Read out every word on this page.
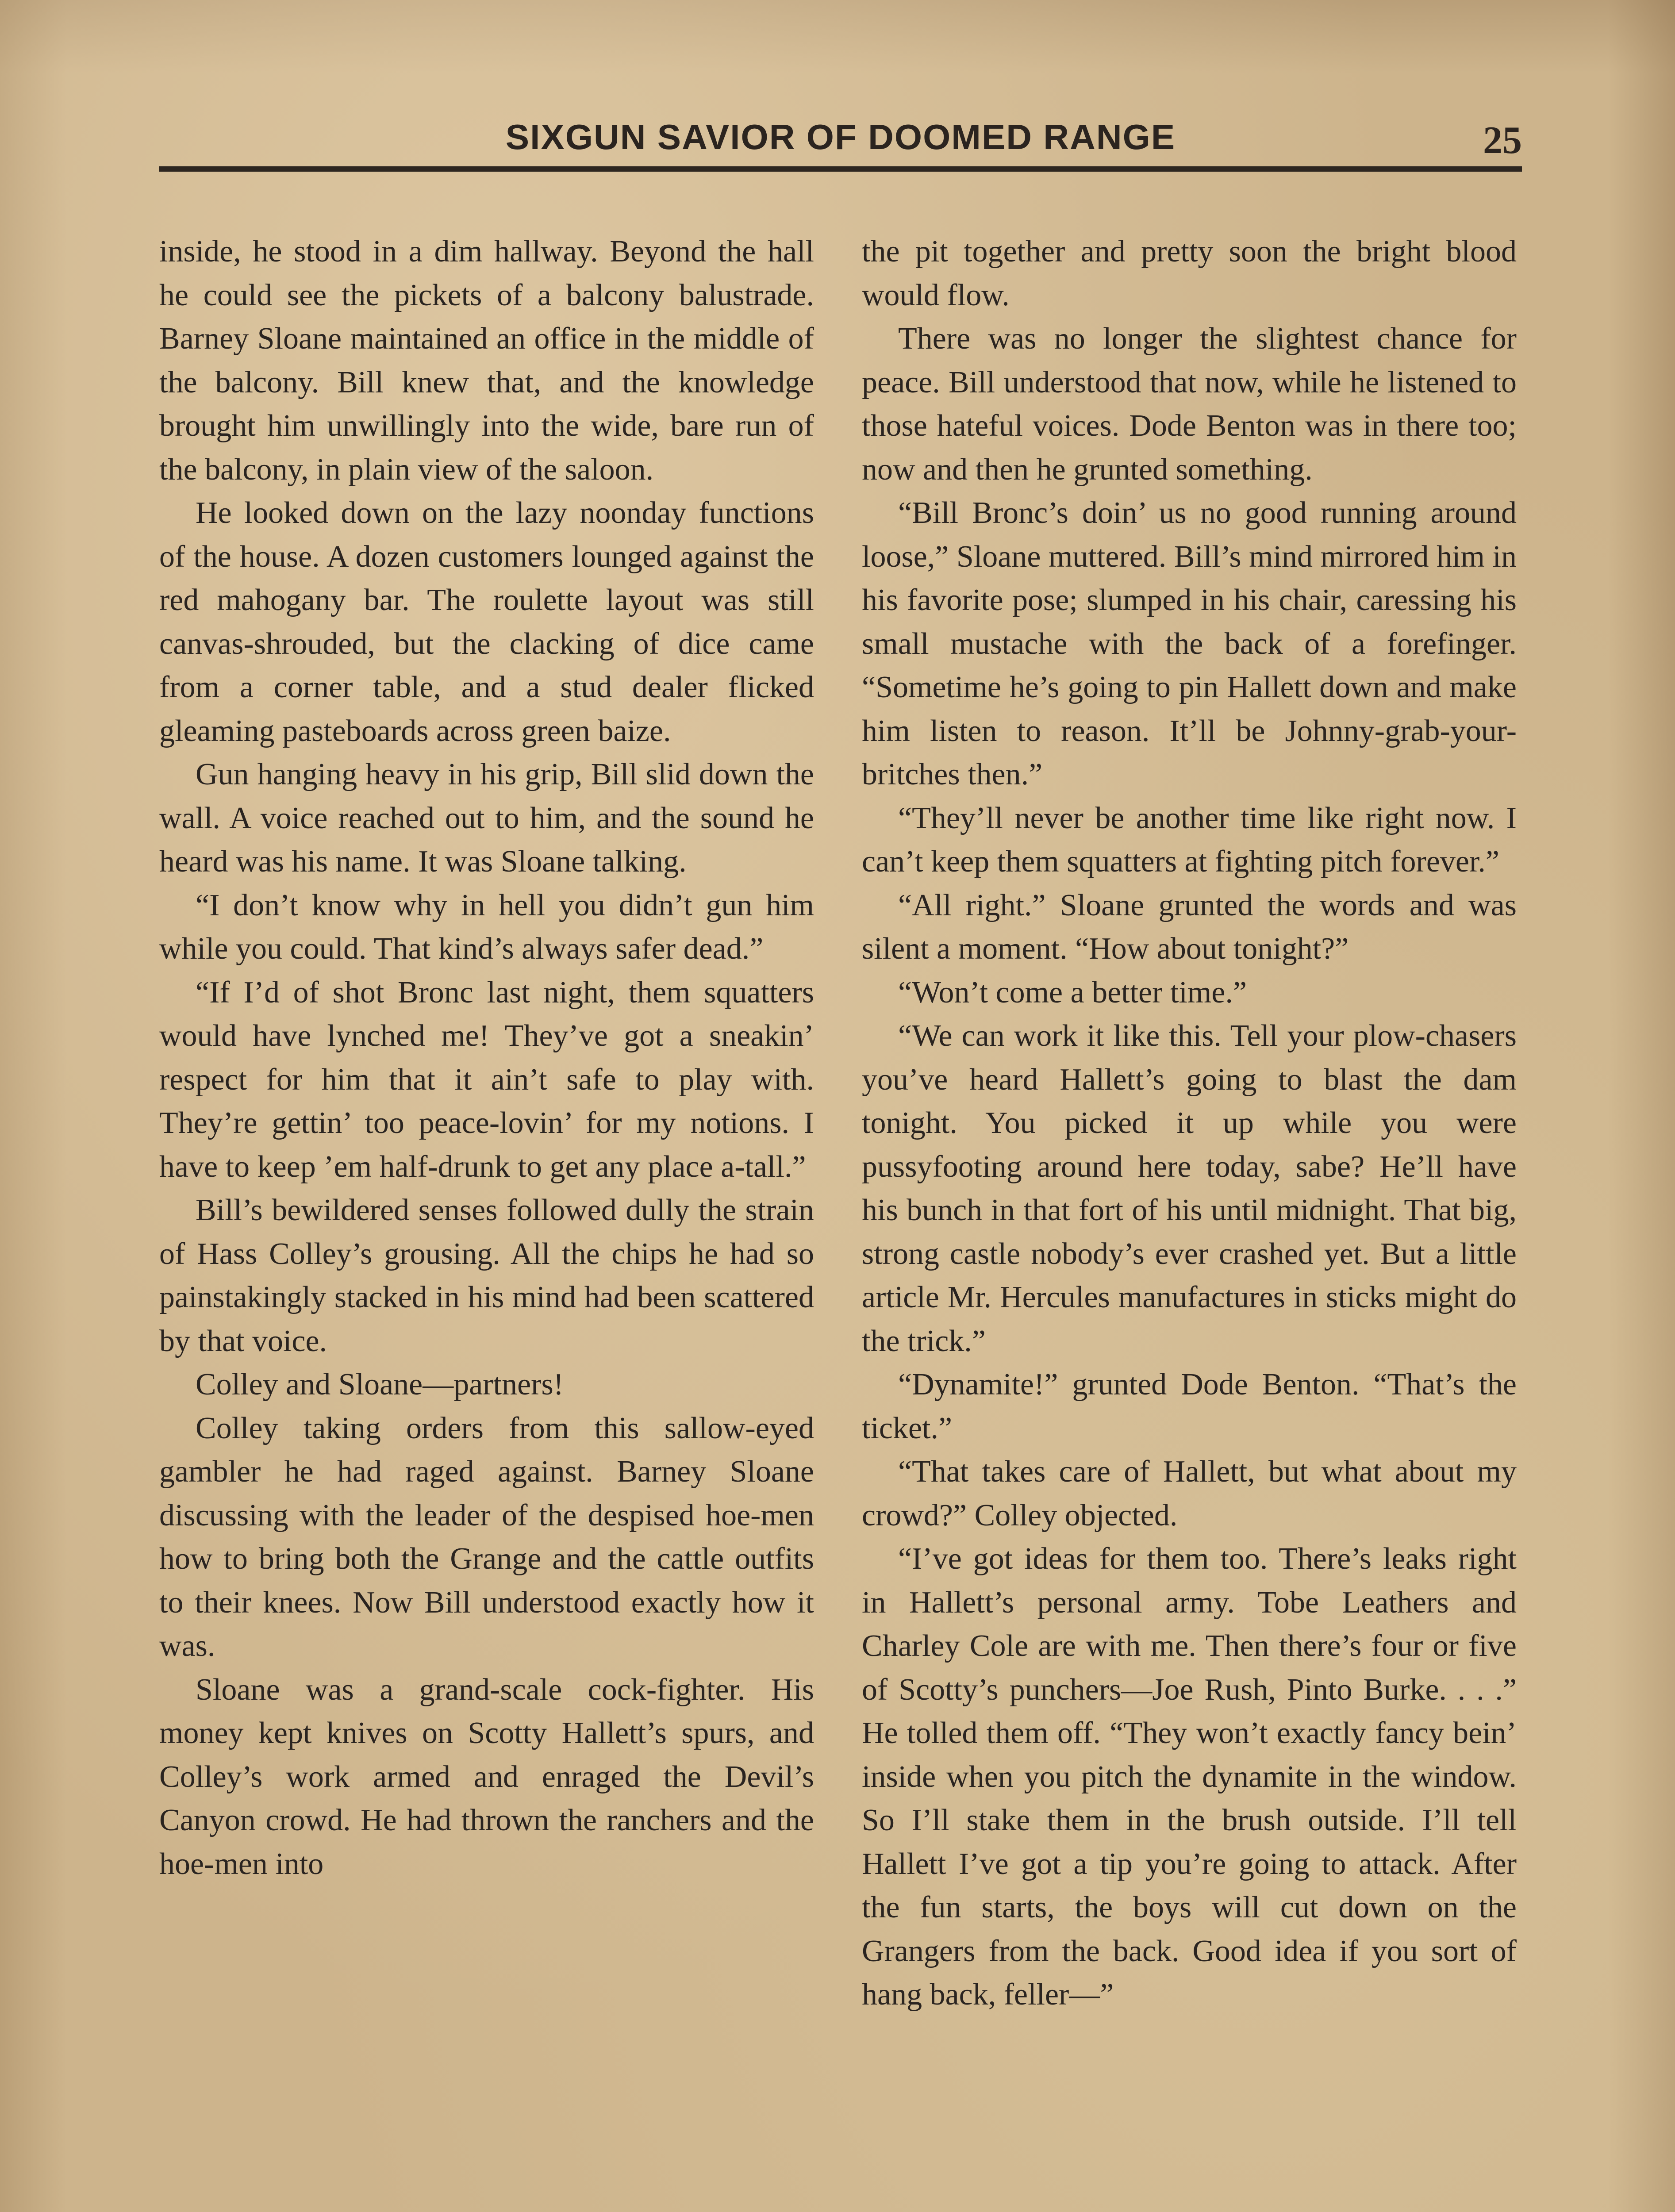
SIXGUN SAVIOR OF DOOMED RANGE	25

inside, he stood in a dim hallway. Beyond the hall he could see the pickets of a balcony balustrade. Barney Sloane maintained an office in the middle of the balcony. Bill knew that, and the knowledge brought him unwillingly into the wide, bare run of the balcony, in plain view of the saloon.

He looked down on the lazy noonday functions of the house. A dozen customers lounged against the red mahogany bar. The roulette layout was still canvas-shrouded, but the clacking of dice came from a corner table, and a stud dealer flicked gleaming pasteboards across green baize.

Gun hanging heavy in his grip, Bill slid down the wall. A voice reached out to him, and the sound he heard was his name. It was Sloane talking.

“I don’t know why in hell you didn’t gun him while you could. That kind’s always safer dead.”

“If I’d of shot Bronc last night, them squatters would have lynched me! They’ve got a sneakin’ respect for him that it ain’t safe to play with. They’re gettin’ too peace-lovin’ for my notions. I have to keep ’em half-drunk to get any place a-tall.”

Bill’s bewildered senses followed dully the strain of Hass Colley’s grousing. All the chips he had so painstakingly stacked in his mind had been scattered by that voice.

Colley and Sloane—partners!

Colley taking orders from this sallow-eyed gambler he had raged against. Barney Sloane discussing with the leader of the despised hoe-men how to bring both the Grange and the cattle outfits to their knees. Now Bill understood exactly how it was.

Sloane was a grand-scale cock-fighter. His money kept knives on Scotty Hallett’s spurs, and Colley’s work armed and enraged the Devil’s Canyon crowd. He had thrown the ranchers and the hoe-men into

the pit together and pretty soon the bright blood would flow.

There was no longer the slightest chance for peace. Bill understood that now, while he listened to those hateful voices. Dode Benton was in there too; now and then he grunted something.

“Bill Bronc’s doin’ us no good running around loose,” Sloane muttered. Bill’s mind mirrored him in his favorite pose; slumped in his chair, caressing his small mustache with the back of a forefinger. “Sometime he’s going to pin Hallett down and make him listen to reason. It’ll be Johnny-grab-your-britches then.”

“They’ll never be another time like right now. I can’t keep them squatters at fighting pitch forever.”

“All right.” Sloane grunted the words and was silent a moment. “How about tonight?”

“Won’t come a better time.”

“We can work it like this. Tell your plow-chasers you’ve heard Hallett’s going to blast the dam tonight. You picked it up while you were pussyfooting around here today, sabe? He’ll have his bunch in that fort of his until midnight. That big, strong castle nobody’s ever crashed yet. But a little article Mr. Hercules manufactures in sticks might do the trick.”

“Dynamite!” grunted Dode Benton. “That’s the ticket.”

“That takes care of Hallett, but what about my crowd?” Colley objected.

“I’ve got ideas for them too. There’s leaks right in Hallett’s personal army. Tobe Leathers and Charley Cole are with me. Then there’s four or five of Scotty’s punchers—Joe Rush, Pinto Burke. . . .” He tolled them off. “They won’t exactly fancy bein’ inside when you pitch the dynamite in the window. So I’ll stake them in the brush outside. I’ll tell Hallett I’ve got a tip you’re going to attack. After the fun starts, the boys will cut down on the Grangers from the back. Good idea if you sort of hang back, feller—”
